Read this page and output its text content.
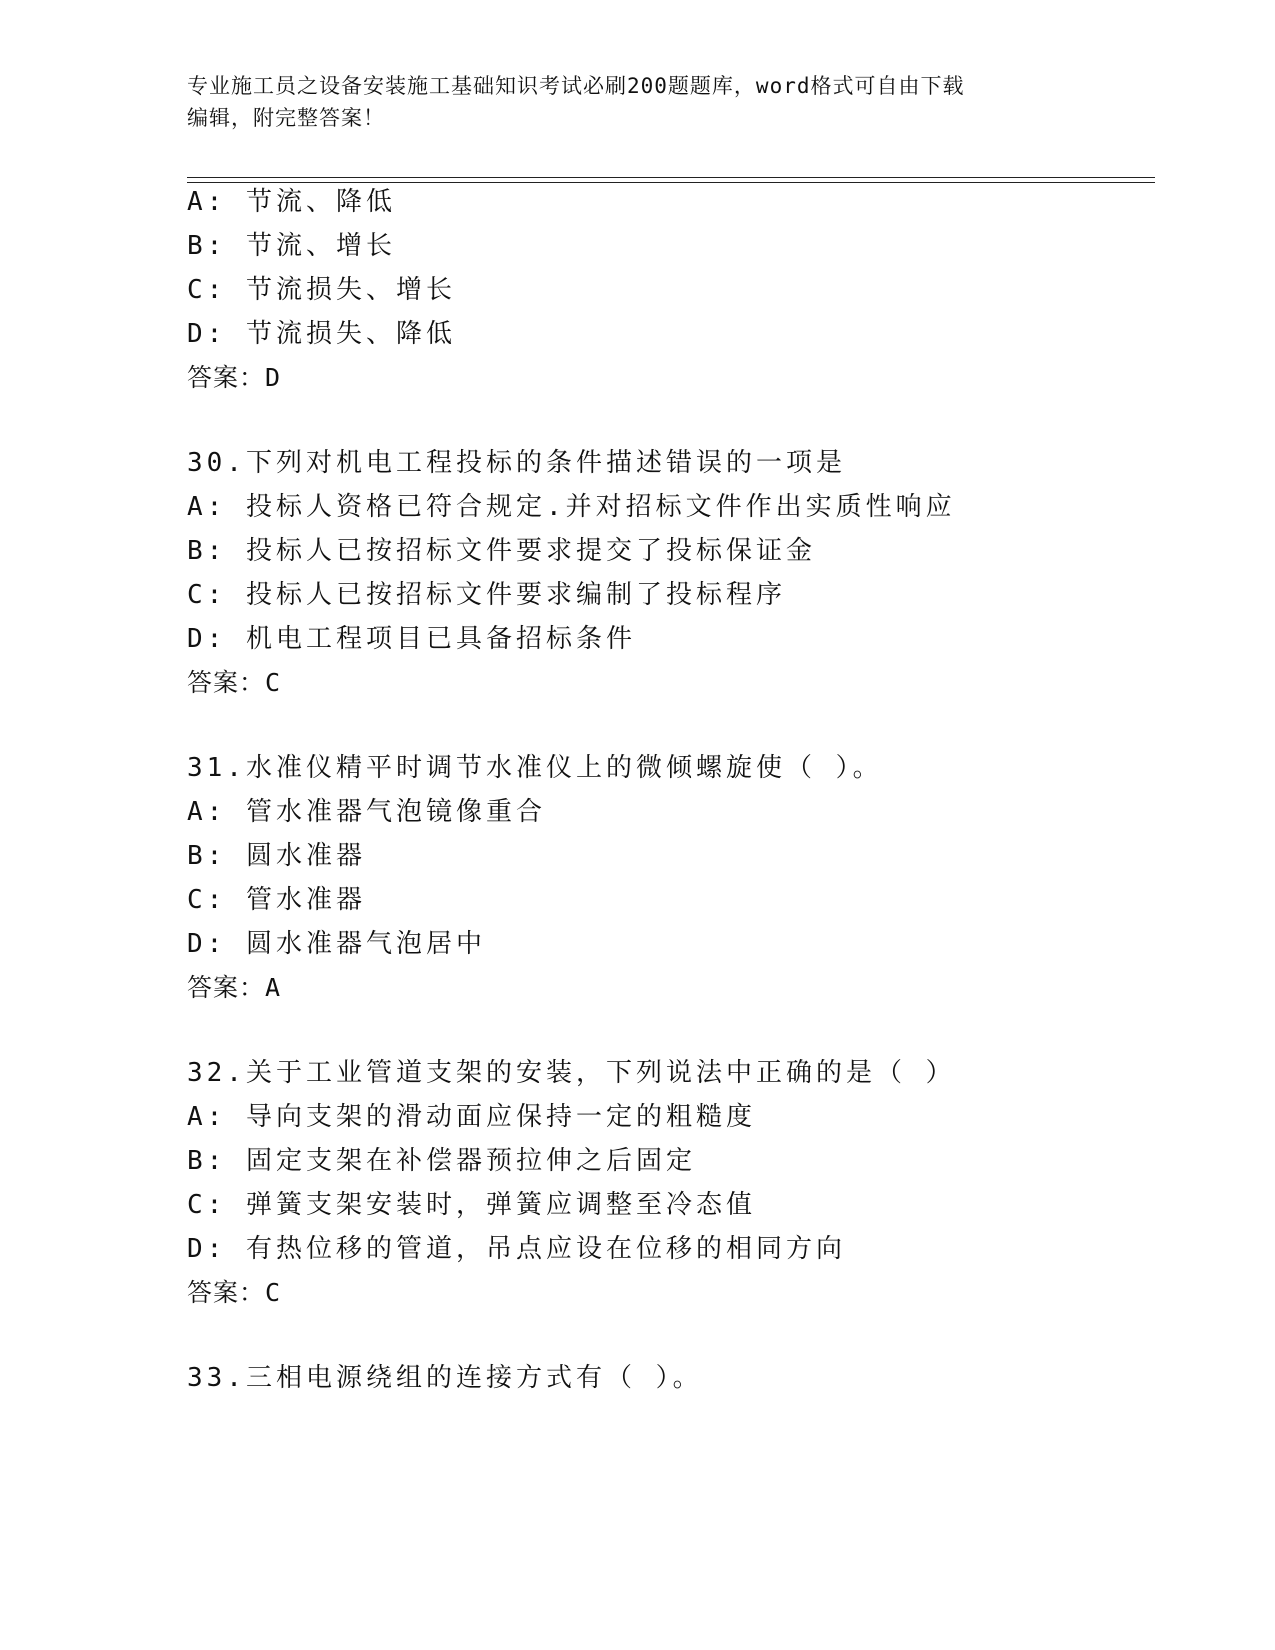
专业施工员之设备安装施工基础知识考试必刷200题题库，word格式可自由下载
编辑，附完整答案！
A: 节流、降低
B: 节流、增长
C: 节流损失、增长
D: 节流损失、降低
答案：D
30.下列对机电工程投标的条件描述错误的一项是
A: 投标人资格已符合规定.并对招标文件作出实质性响应
B: 投标人已按招标文件要求提交了投标保证金
C: 投标人已按招标文件要求编制了投标程序
D: 机电工程项目已具备招标条件
答案：C
31.水准仪精平时调节水准仪上的微倾螺旋使（ ）。
A: 管水准器气泡镜像重合
B: 圆水准器
C: 管水准器
D: 圆水准器气泡居中
答案：A
32.关于工业管道支架的安装，下列说法中正确的是（ ）
A: 导向支架的滑动面应保持一定的粗糙度
B: 固定支架在补偿器预拉伸之后固定
C: 弹簧支架安装时，弹簧应调整至冷态值
D: 有热位移的管道，吊点应设在位移的相同方向
答案：C
33.三相电源绕组的连接方式有（ ）。
